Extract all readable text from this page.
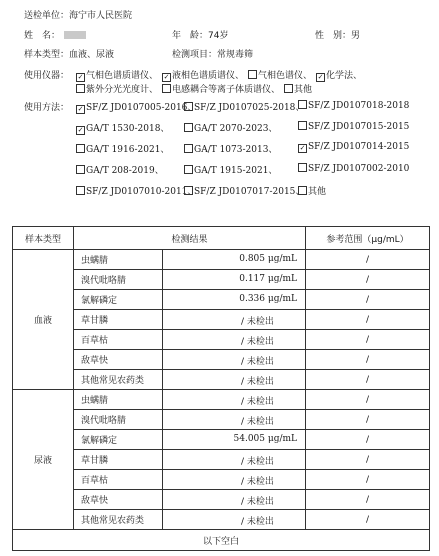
送检单位：海宁市人民医院
姓　名：	年　龄：74岁	性　别：男
样本类型：血液、尿液	检测项目：常规毒筛
使用仪器： ✓ 气相色谱质谱仪、 ✓ 液相色谱质谱仪、 气相色谱仪、 ✓ 化学法、
紫外分光光度计、 电感耦合等离子体质谱仪、 其他
使用方法： ✓ SF/Z JD0107005-2016、
SF/Z JD0107025-2018、 SF/Z JD0107018-2018
✓ GA/T 1530-2018、	GA/T 2070-2023、	SF/Z JD0107015-2015
GA/T 1916-2021、	GA/T 1073-2013、	✓ SF/Z JD0107014-2015
GA/T 208-2019、	GA/T 1915-2021、	SF/Z JD0107002-2010
SF/Z JD0107010-2011、
SF/Z JD0107017-2015、 其他
样本类型	检测结果		参考范围（μg/mL）
血液	虫螨腈	0.805 μg/mL	/
	溴代吡咯腈	0.117 μg/mL	/
	氯解磷定	0.336 μg/mL	/
	草甘膦	/ 未检出	/
	百草枯	/ 未检出	/
	敌草快	/ 未检出	/
	其他常见农药类	/ 未检出	/
尿液	虫螨腈	/ 未检出	/
	溴代吡咯腈	/ 未检出	/
	氯解磷定	54.005 μg/mL	/
	草甘膦	/ 未检出	/
	百草枯	/ 未检出	/
	敌草快	/ 未检出	/
	其他常见农药类	/ 未检出	/
以下空白			
